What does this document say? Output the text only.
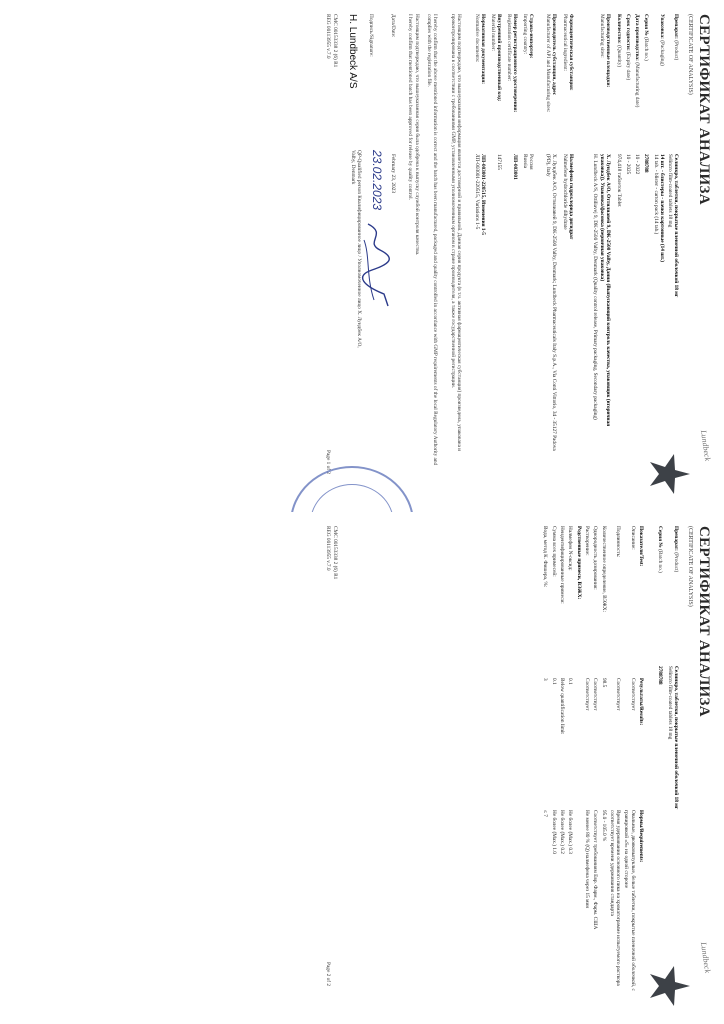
СЕРТИФИКАТ АНАЛИЗА
(CERTIFICATE OF ANALYSIS)
Lundbeck
Препарат: (Product)
Селинкро, таблетки, покрытые пленочной оболочкой 18 мг
Selincro film-coated tablets 18 mg
Упаковка: (Packaging)
14 шт. - блистеры - пачки картонные (14 шт.)
14 tab. - blister - carton pack (14 tab.)
Серия № (Batch no.)
2788788
Дата производства: (Manufacturing date)
10 - 2022
Срок годности: (Expiry date)
10 - 2025
Количество: (Quantity)
974,418 таблеток Tablet
Производственные площадки:
Manufacturing sites:
Х. Лундбек А/О, Оттилиавей 9, DK-2500 Valby, Дания (Выпускающий контроль качества, упаковщик (вторичная упаковка)). Упаковка/фасовка (первичная упаковка)
H. Lundbeck A/S, Ottiliavej 9, DK-2500 Valby, Denmark (Quality control release, Primary packaging, Secondary packaging)
Фармацевтическая субстанция:
Pharmaceutical ingredient:
Налмефена гидрохлорида дигидрат
Nalmefene hydrochloride dihydrate
Производитель субстанции, адрес
Manufacturer of API and Manufacturing sites:
Х. Лундбек А/О, Оттилиавей 9, DK-2500 Valby, Denmark; Lundbeck Pharmaceuticals Italy S.p.A., Via Conti Vittorio, 34 - 35127 Padova (PD), Italy
Страна-импортер:
Importing country:
Россия
Russia
Номер регистрационного удостоверения:
Registration certificate number:
ЛП-003001
Внутренний производственный код:
Material number:
147155
Нормативная документация:
Normative documents:
ЛП-003001-220515, Изменения 1-5
ЛП-003001-220515, Variations 1-5
Настоящим подтверждаю, что вышеуказанная информация является достоверной и правильной. Данная серия продукта (в т.ч. активная фармацевтическая субстанция) произведена, упакована и проконтролирована в соответствии с требованиями GMP, установленными уполномоченным органом в стране производителя, а также государственной регистрации.
I hereby confirm that the above mentioned information is correct and the batch has been manufactured, packaged and quality controlled in accordance with GMP requirements of the local Regulatory Authority and complies with the registration file.
Настоящим подтверждаю, что вышеуказанная серия была одобрена к выпуску службой контроля качества.
I hereby confirm that mentioned batch has been approved for release by quality control.
Дата/Date:
February 23, 2023
Подпись/Signature:
23.02.2023
QP-Qualified person Квалифицированное лицо / Уполномоченное лицо Х. Лундбек А/О, Valby, Denmark
H. Lundbeck A/S
CMC 00153338 2 (6) R1
REG 00113955 v.7.0
Page 1 of 2
СЕРТИФИКАТ АНАЛИЗА
(CERTIFICATE OF ANALYSIS)
Lundbeck
Препарат: (Product)
Селинкро, таблетки, покрытые пленочной оболочкой 18 мг
Selincro film-coated tablets 18 mg
Серия № (Batch no.)
2788788
Показатели/Test:	Результаты/Results:	Нормы/Requirements:
Описание:	Соответствует	Овальные, двояковыпуклые, белые таблетки, покрытые пленочной оболочкой, с гравировкой «S» на одной стороне
Подлинность:	Соответствует	Время удерживания основного пика на хроматограмме испытуемого раствора соответствует времени удерживания стандарта
Количественное определение, ВЭЖХ:	98.5	95.0 - 105.0 %
Однородность дозирования:	Соответствует	Соответствует требованиям Евр. Фарм., Фарм. США
Растворение:	Соответствует	Не менее 80 % (Q) налмефена через 15 мин
Родственные примеси, ВЭЖХ:		
Налмефен N-оксид:	0.1	Не более (Max.) 0.3
Неидентифицированные примеси:	Below quantification limit	Не более (Max.) 0.2
Сумма всех примесей:	0.1	Не более (Max.) 1.0
Вода, метод К. Фишера, %:	3	≤ 7
CMC 00153338 2 (6) R1
REG 00113955 v.7.0
Page 2 of 2
